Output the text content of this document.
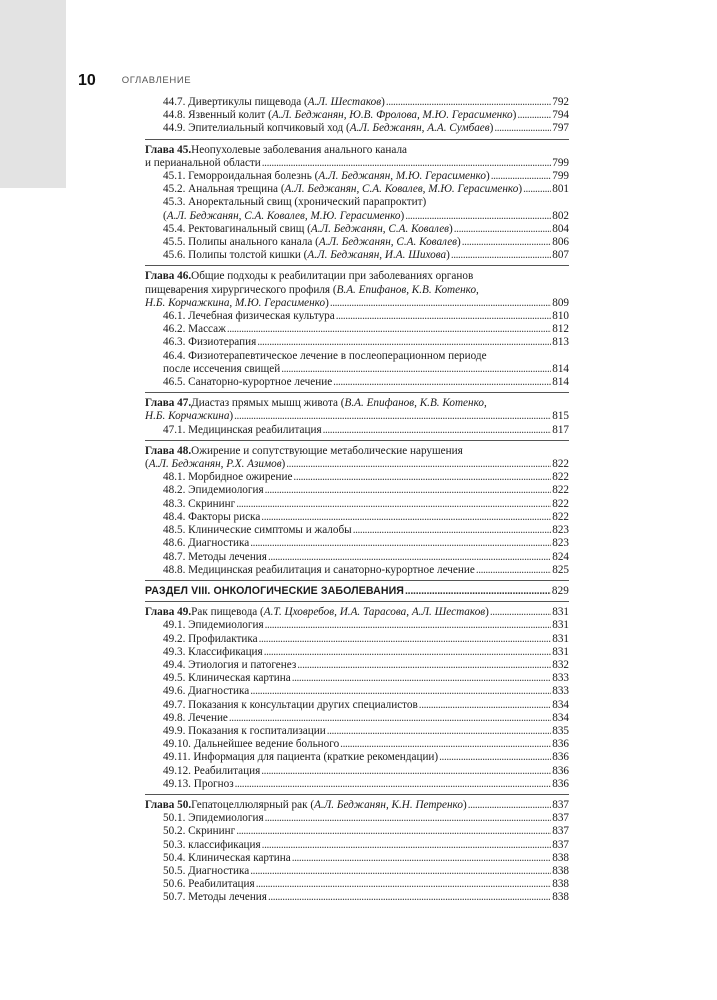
10	ОГЛАВЛЕНИЕ
44.7. Дивертикулы пищевода ( А.Л. Шестаков ) . . .	792
44.8. Язвенный колит ( А.Л. Беджанян, Ю.В. Фролова, М.Ю. Герасименко ) . . .	794
44.9. Эпителиальный копчиковый ход ( А.Л. Беджанян, А.А. Сумбаев ) . . .	797
Глава 45. Неопухолевые заболевания анального канала
и перианальной области . . .	799
45.1. Геморроидальная болезнь ( А.Л. Беджанян, М.Ю. Герасименко ) . . .	799
45.2. Анальная трещина ( А.Л. Беджанян, С.А. Ковалев, М.Ю. Герасименко ) . . .	801
45.3. Аноректальный свищ (хронический парапроктит)
( А.Л. Беджанян, С.А. Ковалев, М.Ю. Герасименко ) . . .	802
45.4. Ректовагинальный свищ ( А.Л. Беджанян, С.А. Ковалев ) . . .	804
45.5. Полипы анального канала ( А.Л. Беджанян, С.А. Ковалев ) . . .	806
45.6. Полипы толстой кишки ( А.Л. Беджанян, И.А. Шихова ) . . .	807
Глава 46. Общие подходы к реабилитации при заболеваниях органов
пищеварения хирургического профиля ( В.А. Епифанов, К.В. Котенко,
Н.Б. Корчажкина, М.Ю. Герасименко ) . . .	809
46.1. Лечебная физическая культура . . .	810
46.2. Массаж . . .	812
46.3. Физиотерапия . . .	813
46.4. Физиотерапевтическое лечение в послеоперационном периоде
после иссечения свищей . . .	814
46.5. Санаторно-курортное лечение . . .	814
Глава 47. Диастаз прямых мышц живота ( В.А. Епифанов, К.В. Котенко,
Н.Б. Корчажкина ) . . .	815
47.1. Медицинская реабилитация . . .	817
Глава 48. Ожирение и сопутствующие метаболические нарушения
( А.Л. Беджанян, Р.Х. Азимов ) . . .	822
48.1. Морбидное ожирение . . .	822
48.2. Эпидемиология . . .	822
48.3. Скрининг . . .	822
48.4. Факторы риска . . .	822
48.5. Клинические симптомы и жалобы . . .	823
48.6. Диагностика . . .	823
48.7. Методы лечения . . .	824
48.8. Медицинская реабилитация и санаторно-курортное лечение . . .	825
РАЗДЕЛ VIII. ОНКОЛОГИЧЕСКИЕ ЗАБОЛЕВАНИЯ . . .	829
Глава 49. Рак пищевода ( А.Т. Цховребов, И.А. Тарасова, А.Л. Шестаков ) . . .	831
49.1. Эпидемиология . . .	831
49.2. Профилактика . . .	831
49.3. Классификация . . .	831
49.4. Этиология и патогенез . . .	832
49.5. Клиническая картина . . .	833
49.6. Диагностика . . .	833
49.7. Показания к консультации других специалистов . . .	834
49.8. Лечение . . .	834
49.9. Показания к госпитализации . . .	835
49.10. Дальнейшее ведение больного . . .	836
49.11. Информация для пациента (краткие рекомендации) . . .	836
49.12. Реабилитация . . .	836
49.13. Прогноз . . .	836
Глава 50. Гепатоцеллюлярный рак ( А.Л. Беджанян, К.Н. Петренко ) . . .	837
50.1. Эпидемиология . . .	837
50.2. Скрининг . . .	837
50.3. классификация . . .	837
50.4. Клиническая картина . . .	838
50.5. Диагностика . . .	838
50.6. Реабилитация . . .	838
50.7. Методы лечения . . .	838
